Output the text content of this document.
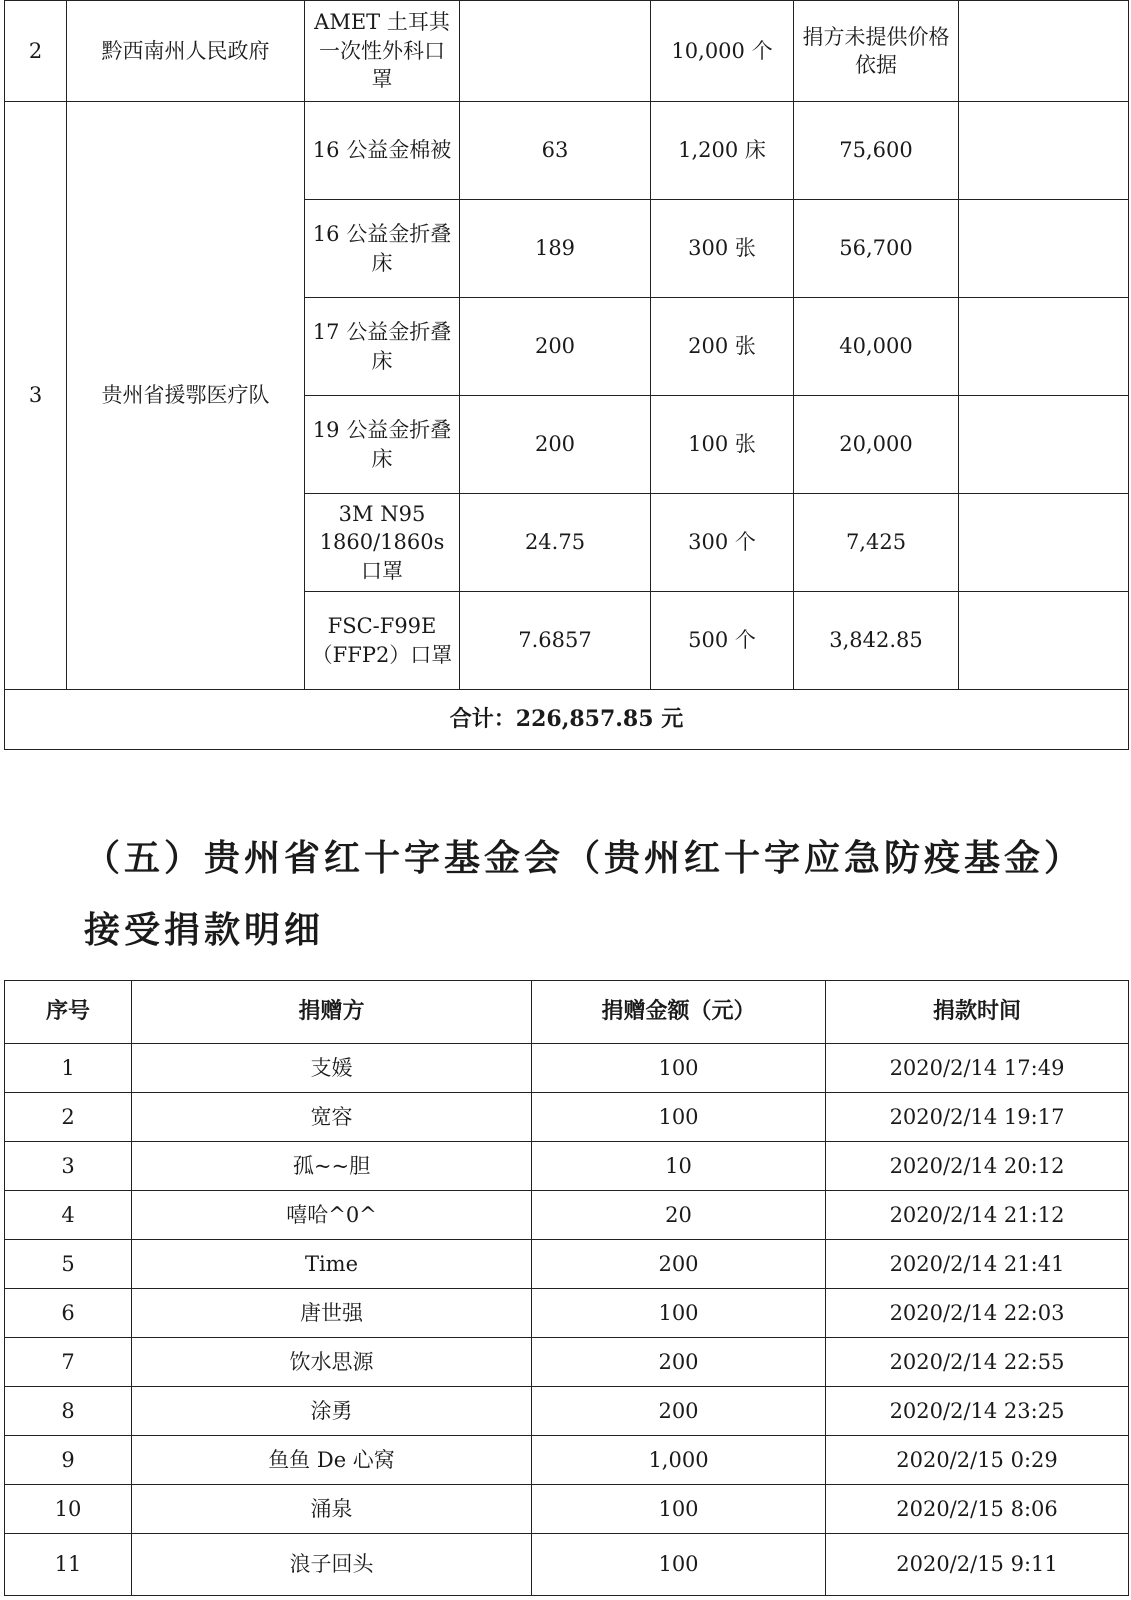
2	黔西南州人民政府	AMET 土耳其一次性外科口罩		10,000 个	捐方未提供价格依据	
3	贵州省援鄂医疗队	16 公益金棉被	63	1,200 床	75,600	
		16 公益金折叠床	189	300 张	56,700	
		17 公益金折叠床	200	200 张	40,000	
		19 公益金折叠床	200	100 张	20,000	
		3M N95 1860/1860s 口罩	24.75	300 个	7,425	
		FSC-F99E（FFP2）口罩	7.6857	500 个	3,842.85	
合计：226,857.85 元						
（五）贵州省红十字基金会（贵州红十字应急防疫基金）接受捐款明细
序号	捐赠方	捐赠金额（元）	捐款时间
1	支媛	100	2020/2/14 17:49
2	宽容	100	2020/2/14 19:17
3	孤~~胆	10	2020/2/14 20:12
4	嘻哈^0^	20	2020/2/14 21:12
5	Time	200	2020/2/14 21:41
6	唐世强	100	2020/2/14 22:03
7	饮水思源	200	2020/2/14 22:55
8	涂勇	200	2020/2/14 23:25
9	鱼鱼 De 心窝	1,000	2020/2/15 0:29
10	涌泉	100	2020/2/15 8:06
11	浪子回头	100	2020/2/15 9:11
